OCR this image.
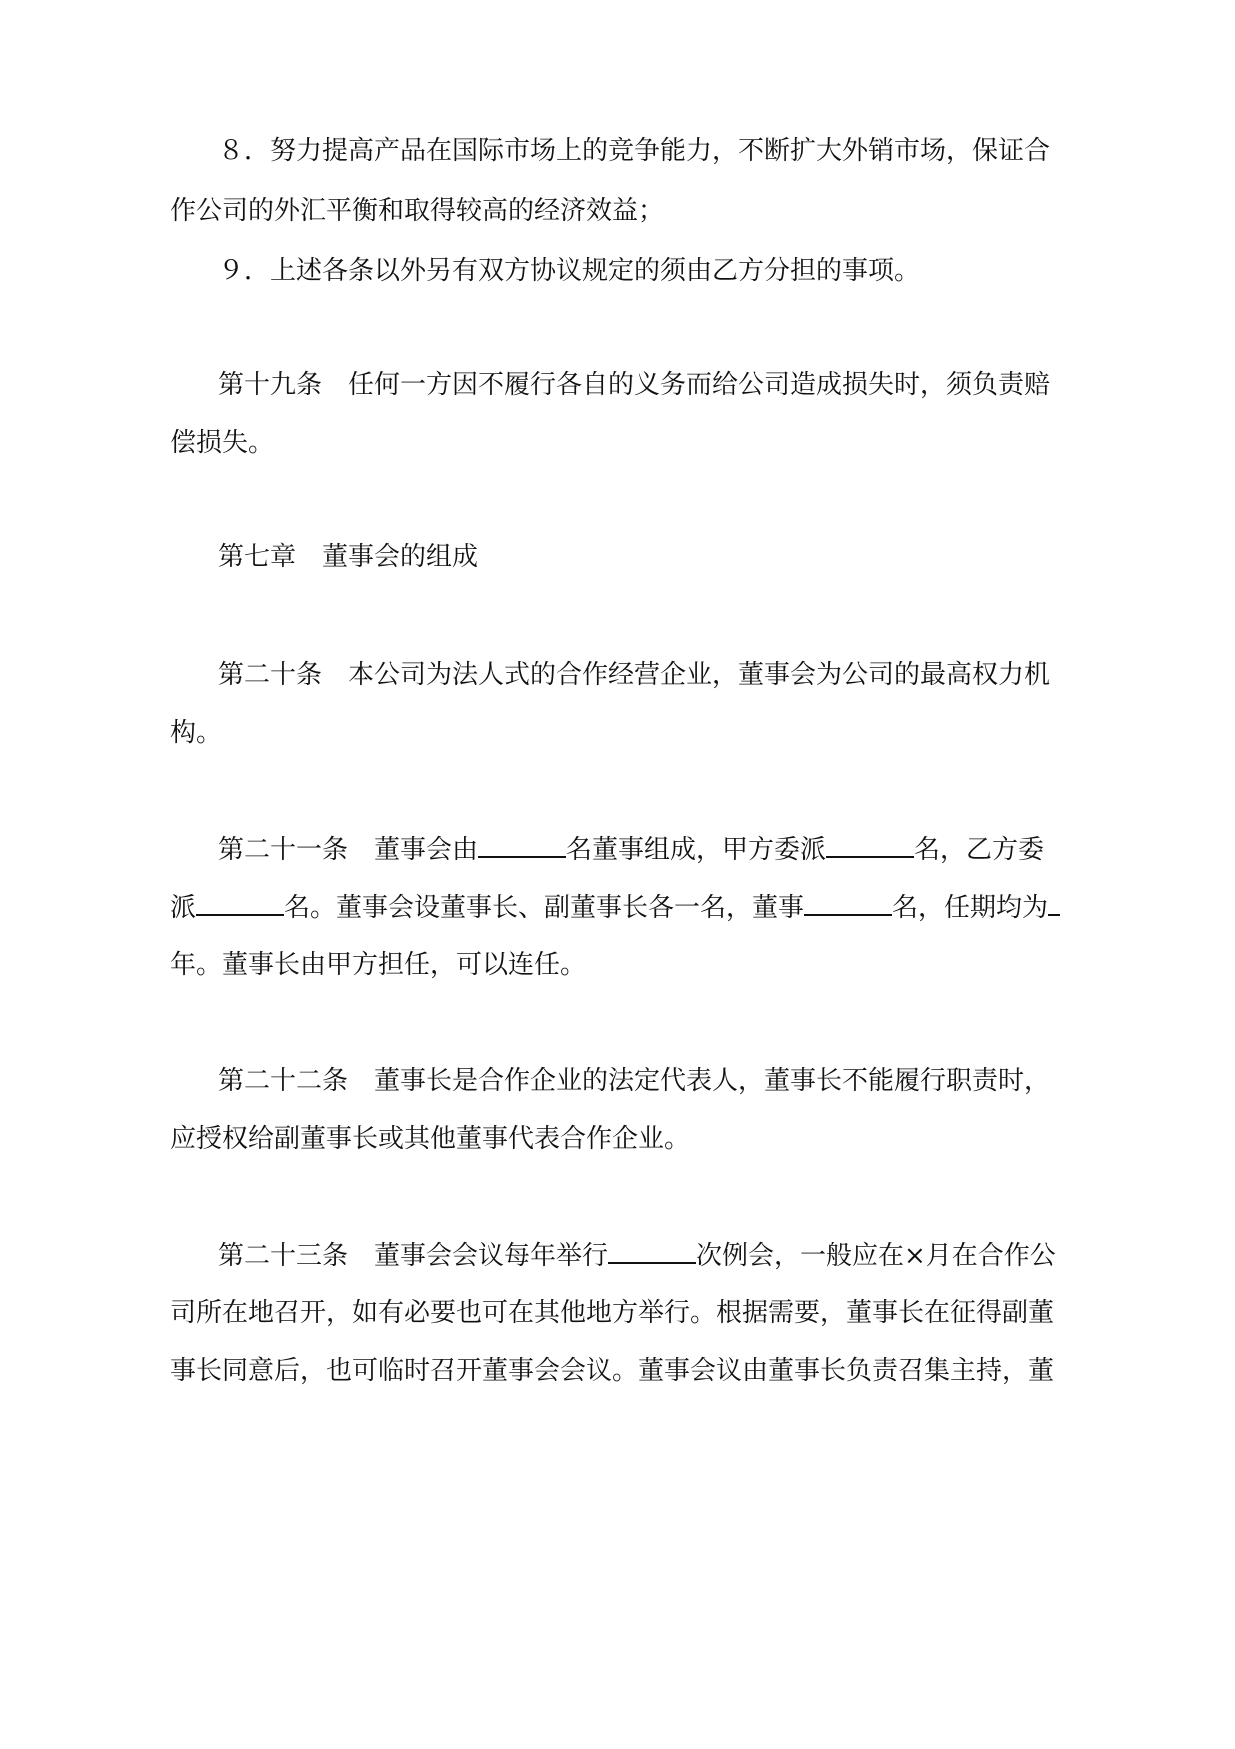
８．努力提高产品在国际市场上的竞争能力，不断扩大外销市场，保证合
作公司的外汇平衡和取得较高的经济效益；
９．上述各条以外另有双方协议规定的须由乙方分担的事项。
第十九条　任何一方因不履行各自的义务而给公司造成损失时，须负责赔
偿损失。
第七章　董事会的组成
第二十条　本公司为法人式的合作经营企业，董事会为公司的最高权力机
构。
第二十一条　董事会由	名董事组成，甲方委派	名，乙方委
派	名。董事会设董事长、副董事长各一名，董事	名，任期均为
年。董事长由甲方担任，可以连任。
第二十二条　董事长是合作企业的法定代表人，董事长不能履行职责时，
应授权给副董事长或其他董事代表合作企业。
第二十三条　董事会会议每年举行	次例会，一般应在×月在合作公
司所在地召开，如有必要也可在其他地方举行。根据需要，董事长在征得副董
事长同意后，也可临时召开董事会会议。董事会议由董事长负责召集主持，董
